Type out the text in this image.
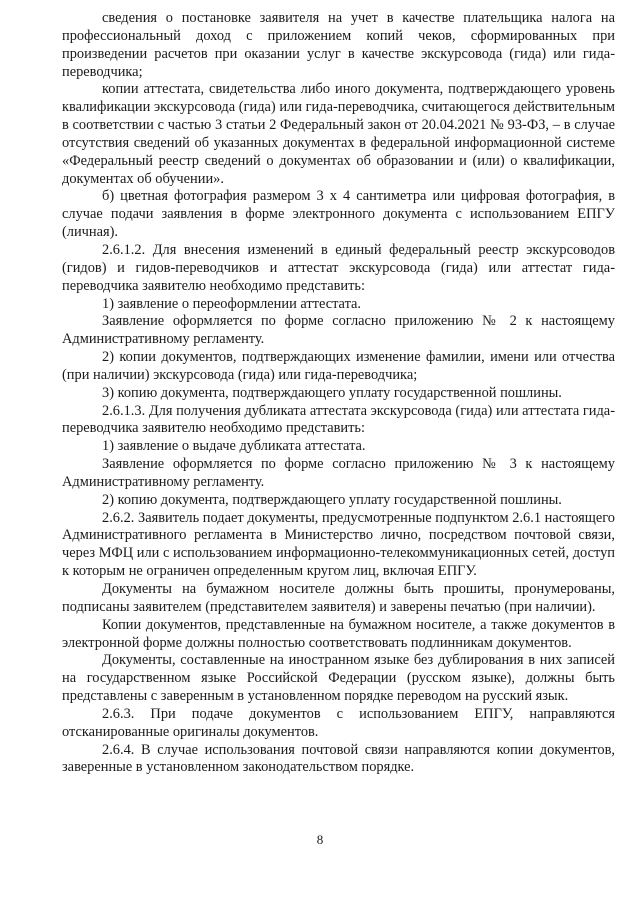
сведения о постановке заявителя на учет в качестве плательщика налога на профессиональный доход с приложением копий чеков, сформированных при произведении расчетов при оказании услуг в качестве экскурсовода (гида) или гида-переводчика;

копии аттестата, свидетельства либо иного документа, подтверждающего уровень квалификации экскурсовода (гида) или гида-переводчика, считающегося действительным в соответствии с частью 3 статьи 2 Федеральный закон от 20.04.2021 № 93-ФЗ, – в случае отсутствия сведений об указанных документах в федеральной информационной системе «Федеральный реестр сведений о документах об образовании и (или) о квалификации, документах об обучении».

б) цветная фотография размером 3 х 4 сантиметра или цифровая фотография, в случае подачи заявления в форме электронного документа с использованием ЕПГУ (личная).

2.6.1.2. Для внесения изменений в единый федеральный реестр экскурсоводов (гидов) и гидов-переводчиков и аттестат экскурсовода (гида) или аттестат гида-переводчика заявителю необходимо представить:

1) заявление о переоформлении аттестата.

Заявление оформляется по форме согласно приложению № 2 к настоящему Административному регламенту.

2) копии документов, подтверждающих изменение фамилии, имени или отчества (при наличии) экскурсовода (гида) или гида-переводчика;

3) копию документа, подтверждающего уплату государственной пошлины.

2.6.1.3. Для получения дубликата аттестата экскурсовода (гида) или аттестата гида-переводчика заявителю необходимо представить:

1) заявление о выдаче дубликата аттестата.

Заявление оформляется по форме согласно приложению № 3 к настоящему Административному регламенту.

2) копию документа, подтверждающего уплату государственной пошлины.

2.6.2. Заявитель подает документы, предусмотренные подпунктом 2.6.1 настоящего Административного регламента в Министерство лично, посредством почтовой связи, через МФЦ или с использованием информационно-телекоммуникационных сетей, доступ к которым не ограничен определенным кругом лиц, включая ЕПГУ.

Документы на бумажном носителе должны быть прошиты, пронумерованы, подписаны заявителем (представителем заявителя) и заверены печатью (при наличии).

Копии документов, представленные на бумажном носителе, а также документов в электронной форме должны полностью соответствовать подлинникам документов.

Документы, составленные на иностранном языке без дублирования в них записей на государственном языке Российской Федерации (русском языке), должны быть представлены с заверенным в установленном порядке переводом на русский язык.

2.6.3. При подаче документов с использованием ЕПГУ, направляются отсканированные оригиналы документов.

2.6.4. В случае использования почтовой связи направляются копии документов, заверенные в установленном законодательством порядке.

8
